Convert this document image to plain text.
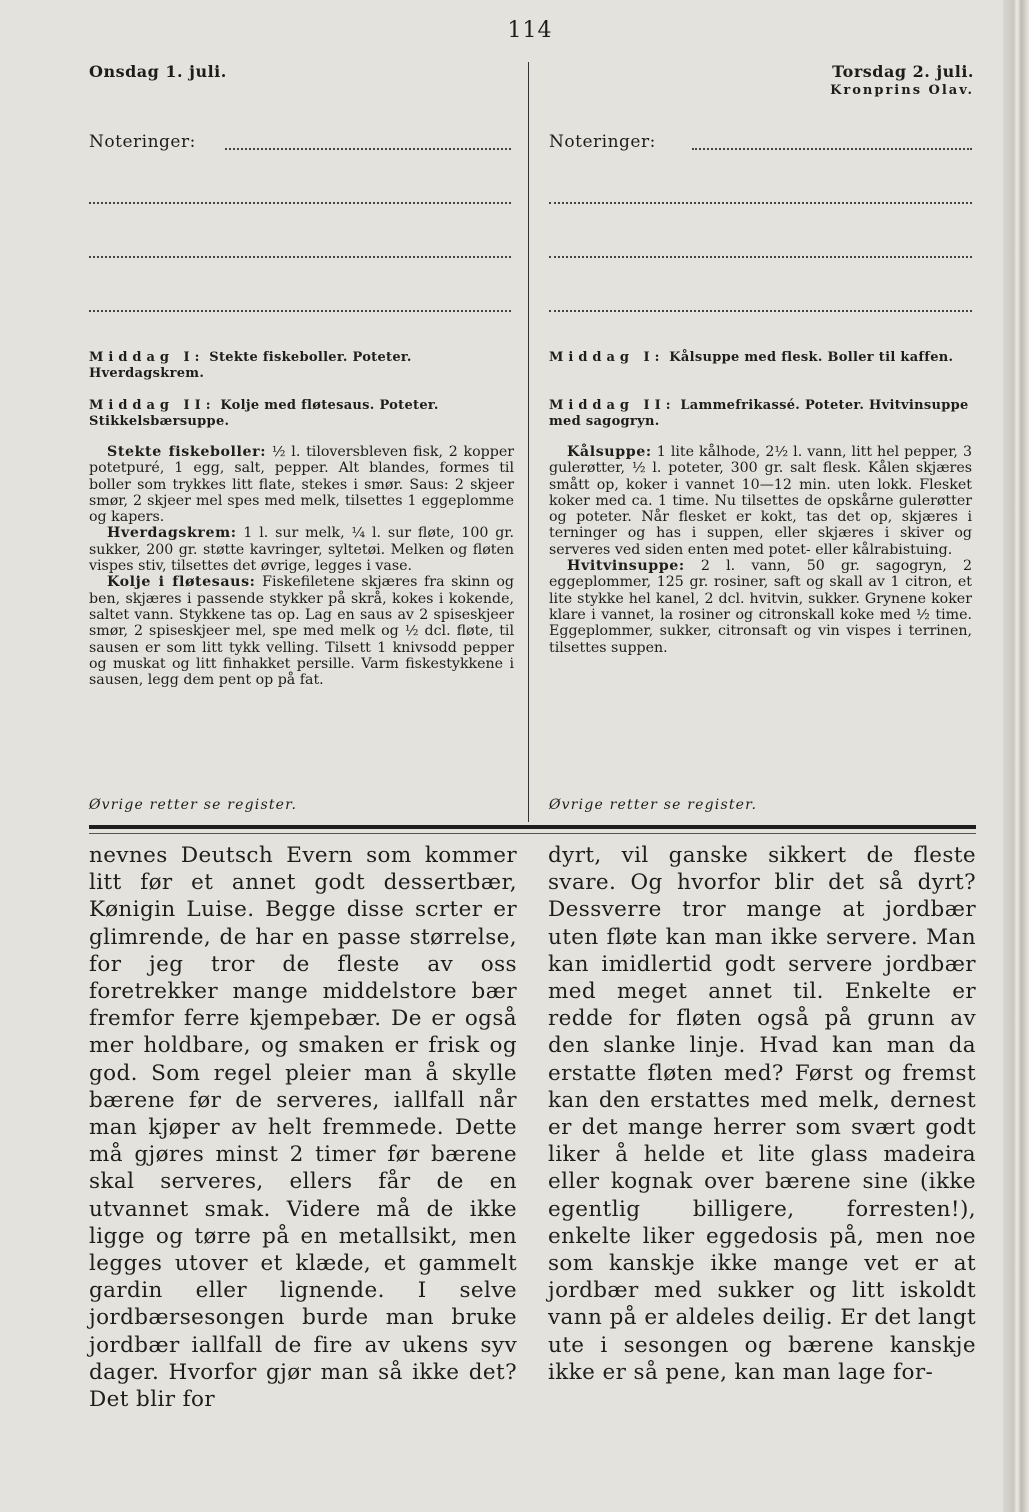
114
Onsdag 1. juli.
Noteringer:
Middag I: Stekte fiskeboller. Poteter. Hverdagskrem.
Middag II: Kolje med fløtesaus. Poteter. Stikkelsbærsuppe.

Stekte fiskeboller: ½ l. tiloversbleven fisk, 2 kopper potetpuré, 1 egg, salt, pepper. Alt blandes, formes til boller som trykkes litt flate, stekes i smør. Saus: 2 skjeer smør, 2 skjeer mel spes med melk, tilsettes 1 eggeplomme og kapers.

Hverdagskrem: 1 l. sur melk, ¼ l. sur fløte, 100 gr. sukker, 200 gr. støtte kavringer, syltetøi. Melken og fløten vispes stiv, tilsettes det øvrige, legges i vase.

Kolje i fløtesaus: Fiskefiletene skjæres fra skinn og ben, skjæres i passende stykker på skrå, kokes i kokende, saltet vann. Stykkene tas op. Lag en saus av 2 spiseskjeer smør, 2 spiseskjeer mel, spe med melk og ½ dcl. fløte, til sausen er som litt tykk velling. Tilsett 1 knivsodd pepper og muskat og litt finhakket persille. Varm fiskestykkene i sausen, legg dem pent op på fat.

Øvrige retter se register.
Torsdag 2. juli.
Kronprins Olav.
Noteringer:
Middag I: Kålsuppe med flesk. Boller til kaffen.
Middag II: Lammefrikassé. Poteter. Hvitvinsuppe med sagogryn.

Kålsuppe: 1 lite kålhode, 2½ l. vann, litt hel pepper, 3 gulerøtter, ½ l. poteter, 300 gr. salt flesk. Kålen skjæres smått op, koker i vannet 10—12 min. uten lokk. Flesket koker med ca. 1 time. Nu tilsettes de opskårne gulerøtter og poteter. Når flesket er kokt, tas det op, skjæres i terninger og has i suppen, eller skjæres i skiver og serveres ved siden enten med potet- eller kålrabistuing.

Hvitvinsuppe: 2 l. vann, 50 gr. sagogryn, 2 eggeplommer, 125 gr. rosiner, saft og skall av 1 citron, et lite stykke hel kanel, 2 dcl. hvitvin, sukker. Grynene koker klare i vannet, la rosiner og citronskall koke med ½ time. Eggeplommer, sukker, citronsaft og vin vispes i terrinen, tilsettes suppen.

Øvrige retter se register.

nevnes Deutsch Evern som kommer litt før et annet godt dessertbær, Kønigin Luise. Begge disse scrter er glimrende, de har en passe størrelse, for jeg tror de fleste av oss foretrekker mange middelstore bær fremfor ferre kjempebær. De er også mer holdbare, og smaken er frisk og god. Som regel pleier man å skylle bærene før de serveres, iallfall når man kjøper av helt fremmede. Dette må gjøres minst 2 timer før bærene skal serveres, ellers får de en utvannet smak. Videre må de ikke ligge og tørre på en metallsikt, men legges utover et klæde, et gammelt gardin eller lignende. I selve jordbærsesongen burde man bruke jordbær iallfall de fire av ukens syv dager. Hvorfor gjør man så ikke det? Det blir for

dyrt, vil ganske sikkert de fleste svare. Og hvorfor blir det så dyrt? Dessverre tror mange at jordbær uten fløte kan man ikke servere. Man kan imidlertid godt servere jordbær med meget annet til. Enkelte er redde for fløten også på grunn av den slanke linje. Hvad kan man da erstatte fløten med? Først og fremst kan den erstattes med melk, dernest er det mange herrer som svært godt liker å helde et lite glass madeira eller kognak over bærene sine (ikke egentlig billigere, forresten!), enkelte liker eggedosis på, men noe som kanskje ikke mange vet er at jordbær med sukker og litt iskoldt vann på er aldeles deilig. Er det langt ute i sesongen og bærene kanskje ikke er så pene, kan man lage for-
